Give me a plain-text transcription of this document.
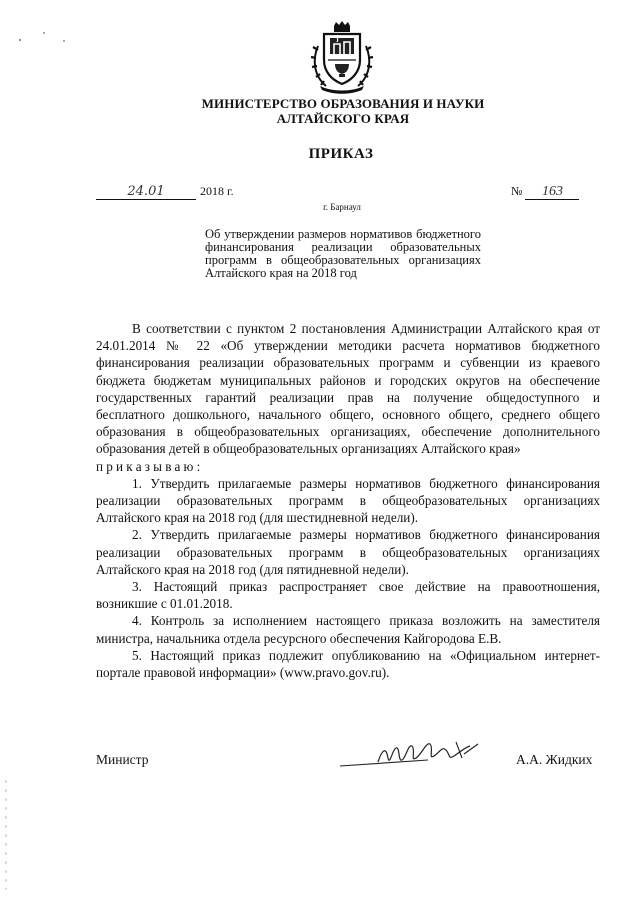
МИНИСТЕРСТВО ОБРАЗОВАНИЯ И НАУКИ
АЛТАЙСКОГО КРАЯ
ПРИКАЗ
24.01	2018 г.	№ 163
г. Барнаул
Об утверждении размеров нормативов бюджетного финансирования реализации образовательных программ в общеобразовательных организациях Алтайского края на 2018 год

В соответствии с пунктом 2 постановления Администрации Алтайского края от 24.01.2014 № 22 «Об утверждении методики расчета нормативов бюджетного финансирования реализации образовательных программ и субвенции из краевого бюджета бюджетам муниципальных районов и городских округов на обеспечение государственных гарантий реализации прав на получение общедоступного и бесплатного дошкольного, начального общего, основного общего, среднего общего образования в общеобразовательных организациях, обеспечение дополнительного образования детей в общеобразовательных организациях Алтайского края»

приказываю:

1. Утвердить прилагаемые размеры нормативов бюджетного финансирования реализации образовательных программ в общеобразовательных организациях Алтайского края на 2018 год (для шестидневной недели).

2. Утвердить прилагаемые размеры нормативов бюджетного финансирования реализации образовательных программ в общеобразовательных организациях Алтайского края на 2018 год (для пятидневной недели).

3. Настоящий приказ распространяет свое действие на правоотношения, возникшие с 01.01.2018.

4. Контроль за исполнением настоящего приказа возложить на заместителя министра, начальника отдела ресурсного обеспечения Кайгородова Е.В.

5. Настоящий приказ подлежит опубликованию на «Официальном интернет-портале правовой информации» (www.pravo.gov.ru).

Министр	А.А. Жидких
